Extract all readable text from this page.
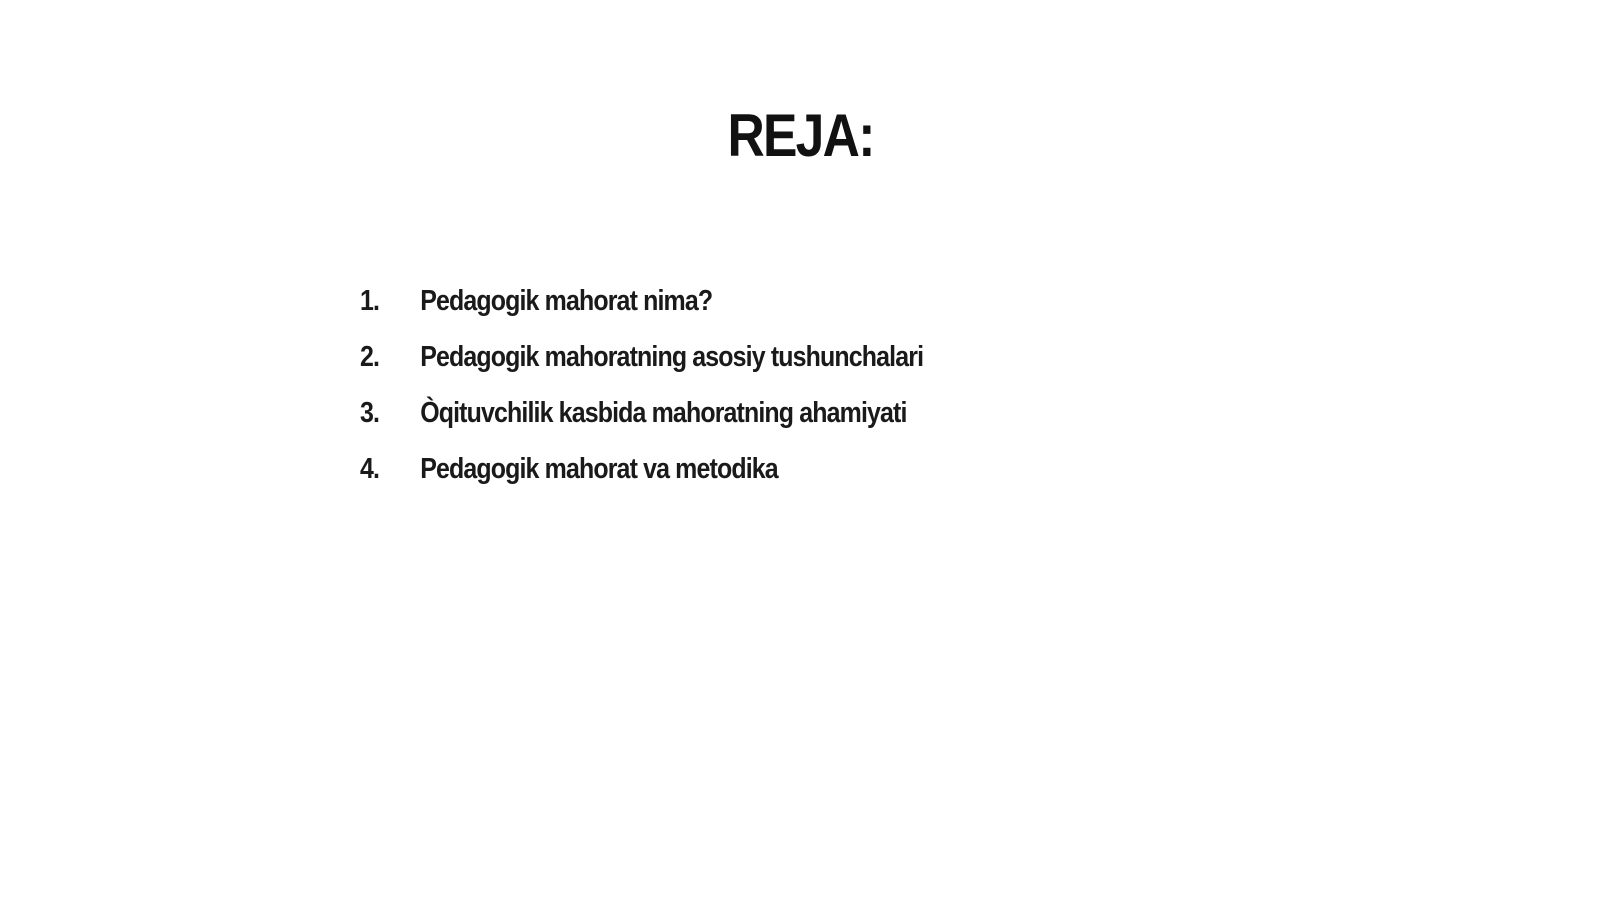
REJA:
1.	Pedagogik mahorat nima?
2.	Pedagogik mahoratning asosiy tushunchalari
3.	Òqituvchilik kasbida mahoratning ahamiyati
4.	Pedagogik mahorat va metodika
